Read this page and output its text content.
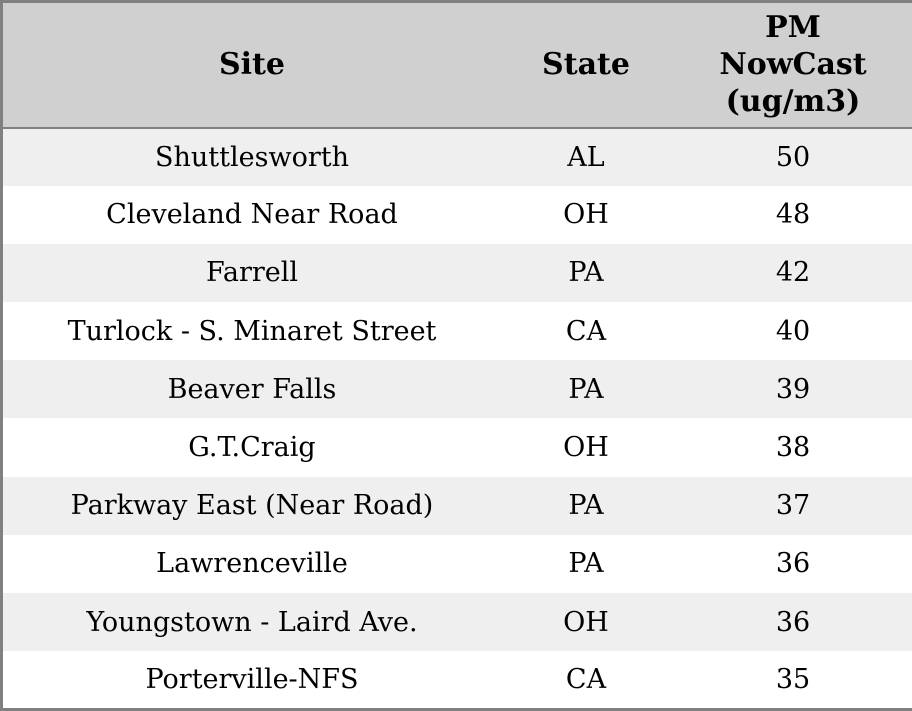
Site	State	PM NowCast (ug/m3)

Shuttlesworth	AL	50
Cleveland Near Road	OH	48
Farrell	PA	42
Turlock - S. Minaret Street	CA	40
Beaver Falls	PA	39
G.T.Craig	OH	38
Parkway East (Near Road)	PA	37
Lawrenceville	PA	36
Youngstown - Laird Ave.	OH	36
Porterville-NFS	CA	35
